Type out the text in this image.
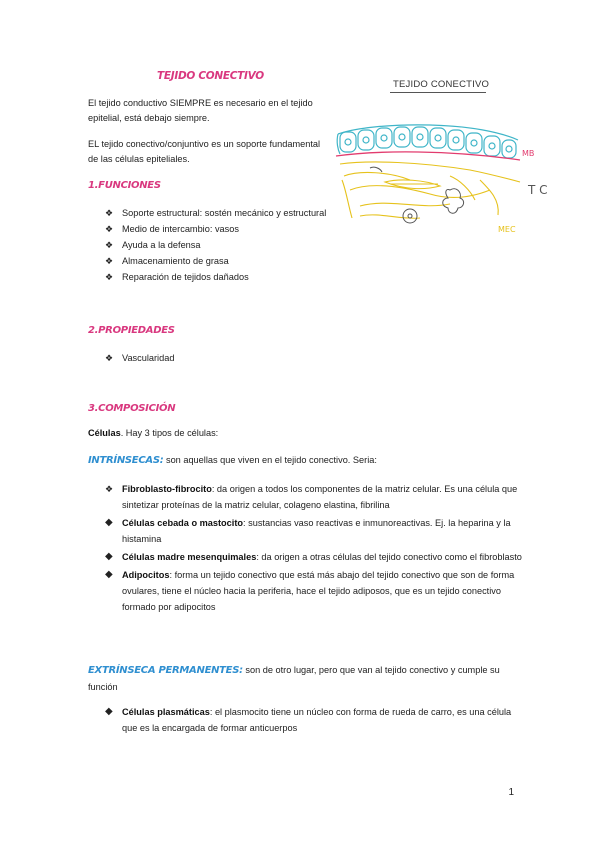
TEJIDO CONECTIVO
El tejido conductivo SIEMPRE es necesario en el tejido epitelial, está debajo siempre.
EL tejido conectivo/conjuntivo es un soporte fundamental de las células epiteliales.
1.FUNCIONES
❖ Soporte estructural: sostén mecánico y estructural
❖ Medio de intercambio: vasos
❖ Ayuda a la defensa
❖ Almacenamiento de grasa
❖ Reparación de tejidos dañados
2.PROPIEDADES
❖ Vascularidad
3.COMPOSICIÓN
Células. Hay 3 tipos de células:
INTRÍNSECAS: son aquellas que viven en el tejido conectivo. Seria:
❖ Fibroblasto-fibrocito: da origen a todos los componentes de la matriz celular. Es una célula que sintetizar proteínas de la matriz celular, colageno elastina, fibrilina
◆ Células cebada o mastocito: sustancias vaso reactivas e inmunoreactivas. Ej. la heparina y la histamina
◆ Células madre mesenquimales: da origen a otras células del tejido conectivo como el fibroblasto
◆ Adipocitos: forma un tejido conectivo que está más abajo del tejido conectivo que son de forma ovulares, tiene el núcleo hacia la periferia, hace el tejido adiposos, que es un tejido conectivo formado por adipocitos
EXTRÍNSECA PERMANENTES: son de otro lugar, pero que van al tejido conectivo y cumple su función
◆ Células plasmáticas: el plasmocito tiene un núcleo con forma de rueda de carro, es una célula que es la encargada de formar anticuerpos
TEJIDO CONECTIVO
MB
T C
MEC
1
